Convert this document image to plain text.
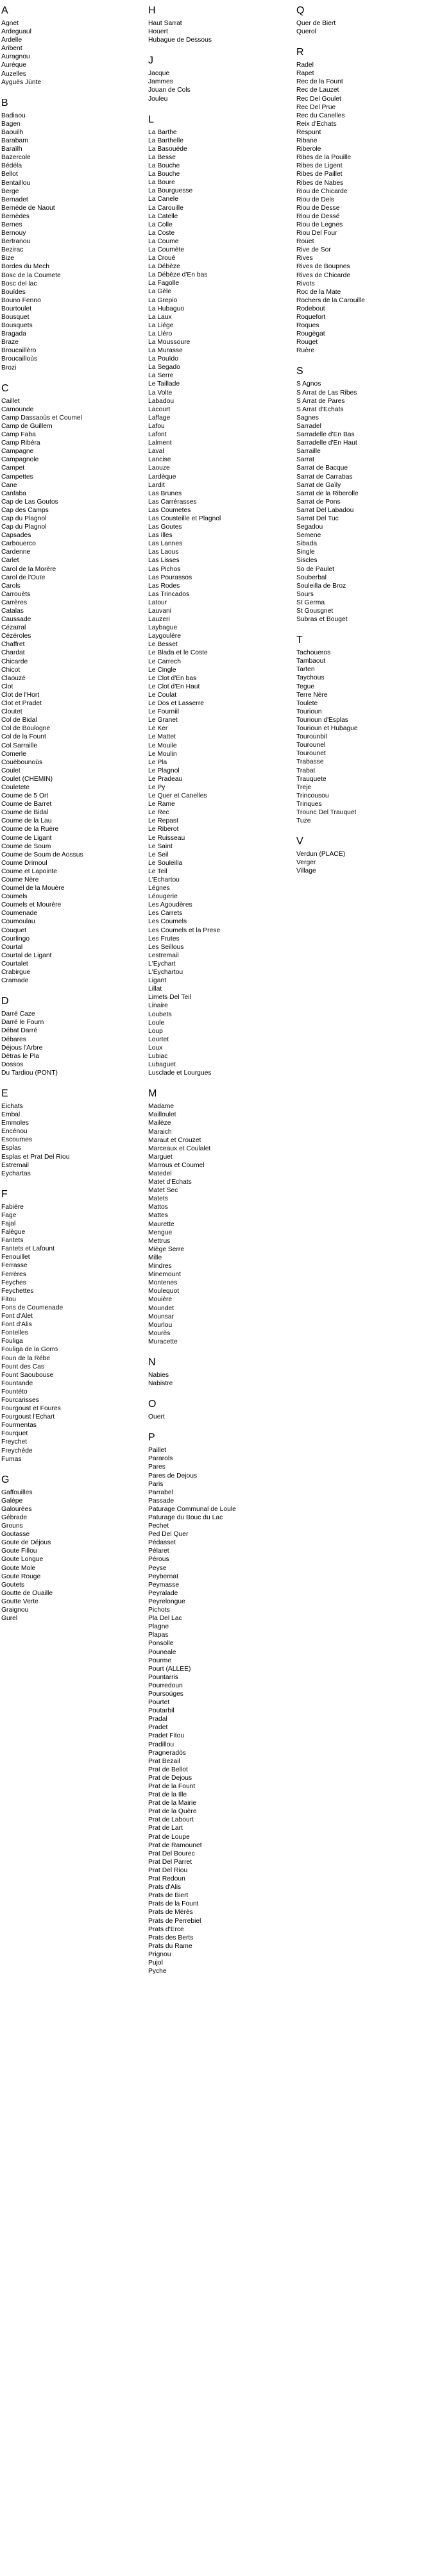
A
Agnet
Ardeguaul
Ardelle
Aribent
Auragnou
Aurèque
Auzelles
Ayguès Jùnte
B
Badiaou
Bagen
Baouilh
Barabam
Baraïlh
Bazercole
Bédéla
Bellot
Bentaillou
Berge
Bernadet
Bernède de Naout
Bernèdes
Bernes
Bernouy
Bertranou
Bezirac
Bize
Bordes du Mech
Bosc de la Coumete
Bosc del lac
Bouïdes
Bouno Fenno
Bourtoulet
Bousquet
Bousquets
Bragada
Braze
Broucaillèro
Broucailloùs
Brozi
C
Caillet
Camounde
Camp Dassaoùs et Coumel
Camp de Guillem
Camp Faba
Camp Ribéra
Campagne
Campagnole
Campet
Campettes
Cane
Canfaba
Cap de Las Goutos
Cap des Camps
Cap du Plagnol
Cap du Plagnol
Capsades
Carbouerco
Cardenne
Carlet
Carol de la Morère
Carol de l'Ouïe
Carols
Carrouèts
Carrères
Catalas
Caussade
Cézaïral
Cézéroles
Chaffret
Chardat
Chicarde
Chicot
Claouzé
Clot
Clot de l'Hort
Clot et Pradet
Cloutet
Col de Bidal
Col de Boulogne
Col de la Fount
Col Sarraille
Comerle
Couëbounoùs
Coulet
Coulet (CHEMIN)
Couletete
Coume de 5 Ort
Coume de Barret
Coume de Bidal
Coume de la Lau
Coume de la Ruère
Coume de Ligant
Coume de Soum
Coume de Soum de Aossus
Coume Drimoul
Coume et Lapointe
Coume Nère
Coumel de la Mouère
Coumels
Coumels et Mourère
Coumenade
Coumoulau
Couquet
Courlingo
Courtal
Courtal de Ligant
Courtalet
Crabirgue
Cramade
D
Darré Caze
Darré le Fourn
Débat Darré
Débares
Déjous l'Arbre
Dètras le Pla
Dossos
Du Tardiou (PONT)
E
Eichats
Embal
Emmoles
Encénou
Escoumes
Esplas
Esplas et Prat Del Riou
Estremail
Eychartas
F
Fabière
Fage
Fajal
Falègue
Fantets
Fantets et Lafount
Fenouillet
Ferrasse
Ferrères
Feyches
Feychettes
Fitou
Fons de Coumenade
Font d'Alet
Font d'Alis
Fontelles
Fouliga
Fouliga de la Gorro
Foun de la Rébe
Fount des Cas
Fount Saoubouse
Fountande
Fountéto
Fourcarisses
Fourgoust et Foures
Fourgoust l'Echart
Fourmentas
Fourquet
Freychet
Freychède
Fumas
G
Gaffouilles
Galèpe
Galourèes
Gébrade
Grouns
Goutasse
Goute de Déjous
Goute Fillou
Goute Longue
Goute Mole
Goute Rouge
Goutets
Goutte de Ouaille
Goutte Verte
Graignou
Gurel
H
Haut Sarrat
Houert
Hubague de Dessous
J
Jacque
Jammes
Jouan de Cols
Jouleu
L
La Barthe
La Barthelle
La Basouède
La Besse
La Bouche
La Bouche
La Boure
La Bourguesse
La Canele
La Carouille
La Catelle
La Colle
La Coste
La Coume
La Coumète
La Croué
La Débèze
La Débèze d'En bas
La Fagolle
La Gèle
La Grepio
La Hubaguo
La Laux
La Liége
La Lléro
La Moussoure
La Murasse
La Pouïdo
La Segado
La Serre
Le Taillade
La Volte
Labadou
Lacourt
Laffage
Lafou
Lafont
Lalment
Laval
Lancise
Laouze
Lardèque
Lardit
Las Brunes
Las Carrérasses
Las Coumetes
Las Cousteille et Plagnol
Las Goutes
Las Illes
Las Lannes
Las Laous
Las Lisses
Las Pichos
Las Pourassos
Las Rodes
Las Trincados
Latour
Lauvani
Lauzeri
Laybague
Laygoulère
Le Besset
Le Blada et le Coste
Le Carrech
Le Cingle
Le Clot d'En bas
Le Clot d'En Haut
Le Coulat
Le Dos et Lasserre
Le Fourniil
Le Granet
Le Ker
Le Mattet
Le Mouile
Le Moulin
Le Pla
Le Plagnol
Le Pradeau
Le Py
Le Quer et Canelles
Le Rame
Le Rec
Le Repast
Le Riberot
Le Ruisseau
Le Saint
Le Seil
Le Souleilla
Le Teil
L'Echartou
Légnes
Léougerie
Les Agoudères
Les Carrets
Les Coumels
Les Coumels et la Prese
Les Frutes
Les Seillous
Lestremail
L'Eychart
L'Eychartou
Ligant
Lillat
Limets Del Teil
Linaire
Loubets
Loule
Loup
Lourtet
Loux
Lubiac
Lubaguet
Lusclade et Lourgues
M
Madame
Mailloulet
Mailèze
Maraich
Maraut et Crouzet
Marceaux et Coulalet
Marguet
Marrous et Coumel
Matedel
Matet d'Echats
Matet Sec
Matets
Mattos
Mattes
Maurette
Mengue
Mettrus
Miège Serre
Mille
Mindres
Minemount
Montenes
Moulequot
Mouière
Moundet
Mounsar
Mourlou
Mourès
Muracette
N
Nabies
Nabistre
O
Ouert
P
Paillet
Pararols
Pares
Pares de Dejous
Paris
Parrabel
Passade
Paturage Communal de Loule
Paturage du Bouc du Lac
Pechet
Ped Del Quer
Pédasset
Pélaret
Pérous
Peyse
Peybernat
Peymasse
Peyralade
Peyrelongue
Pichots
Pla Del Lac
Plagne
Plapas
Ponsolle
Pouneale
Pourme
Pourt (ALLEE)
Pountarris
Pourredoun
Poursoùges
Pourtet
Poutarbil
Pradal
Pradet
Pradet Fitou
Pradillou
Pragneradòs
Prat Bezail
Prat de Bellot
Prat de Dejous
Prat de la Fount
Prat de la Ille
Prat de la Mairie
Prat de la Quère
Prat de Labourt
Prat de Lart
Prat de Loupe
Prat de Ramounet
Prat Del Bourec
Prat Del Parret
Prat Del Riou
Prat Redoun
Prats d'Alis
Prats de Biert
Prats de la Fount
Prats de Mérès
Prats de Perrebiel
Prats d'Erce
Prats des Berts
Prats du Rame
Prignou
Pujol
Pyche
Q
Quer de Biert
Querol
R
Radel
Rapet
Rec de la Fount
Rec de Lauzet
Rec Del Goulet
Rec Del Prue
Rec du Canelles
Reix d'Echats
Respunt
Ribane
Riberole
Ribes de la Pouille
Ribes de Ligent
Ribes de Paillet
Ribes de Nabes
Riou de Chicarde
Riou de Dels
Riou de Desse
Riou de Dessé
Riou de Legnes
Riou Del Four
Rouet
Rive de Sor
Rives
Rives de Boupnes
Rives de Chicarde
Rivots
Roc de la Mate
Rochers de la Carouille
Rodebout
Roquefort
Roques
Rougègat
Rouget
Ruère
S
S Agnos
S Arrat de Las Ribes
S Arrat de Pares
S Arrat d'Echats
Sagnes
Sarradel
Sarradelle d'En Bas
Sarradelle d'En Haut
Sarraille
Sarrat
Sarrat de Bacque
Sarrat de Carrabas
Sarrat de Gaïly
Sarrat de la Riberolle
Sarrat de Pons
Sarrat Del Labadou
Sarrat Del Tuc
Segadou
Semene
Sibada
Single
Siscles
So de Paulet
Souberbal
Souleilla de Broz
Sours
St Germa
St Gousgnet
Subras et Bouget
T
Tachoueros
Tambaout
Tarten
Taychous
Tegue
Terre Nère
Toulete
Tourioun
Tourioun d'Esplas
Tourioun et Hubague
Tourounbil
Tourounel
Tourounet
Trabasse
Trabat
Trauquete
Treje
Trincousou
Trinques
Trounc Del Trauquet
Tuze
V
Verdun (PLACE)
Verger
Village
